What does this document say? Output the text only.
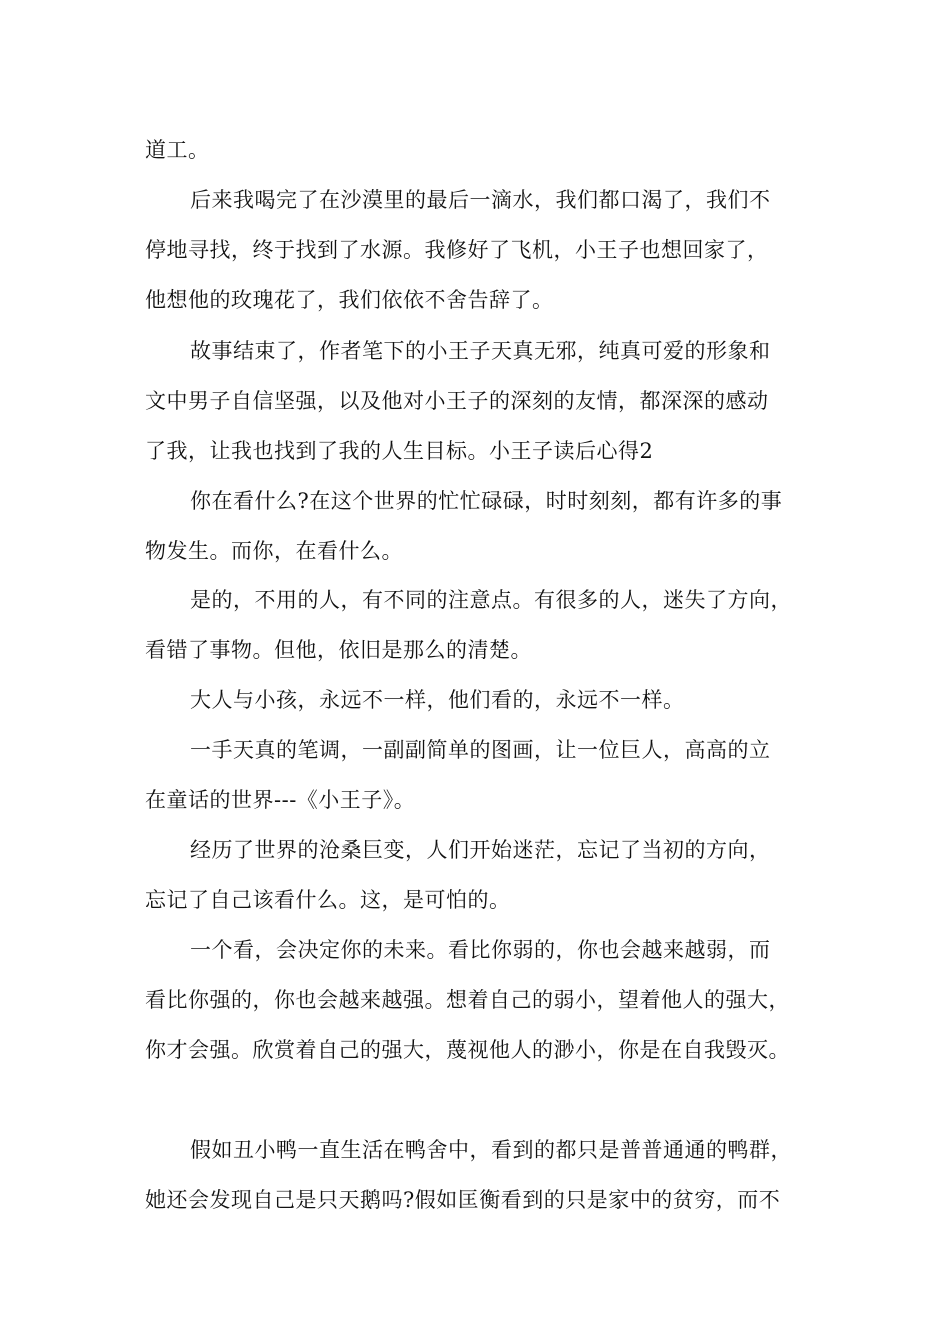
道工。
后来我喝完了在沙漠里的最后一滴水，我们都口渴了，我们不
停地寻找，终于找到了水源。我修好了飞机，小王子也想回家了，
他想他的玫瑰花了，我们依依不舍告辞了。
故事结束了，作者笔下的小王子天真无邪，纯真可爱的形象和
文中男子自信坚强，以及他对小王子的深刻的友情，都深深的感动
了我，让我也找到了我的人生目标。小王子读后心得2
你在看什么?在这个世界的忙忙碌碌，时时刻刻，都有许多的事
物发生。而你，在看什么。
是的，不用的人，有不同的注意点。有很多的人，迷失了方向，
看错了事物。但他，依旧是那么的清楚。
大人与小孩，永远不一样，他们看的，永远不一样。
一手天真的笔调，一副副简单的图画，让一位巨人，高高的立
在童话的世界---《小王子》。
经历了世界的沧桑巨变，人们开始迷茫，忘记了当初的方向，
忘记了自己该看什么。这，是可怕的。
一个看，会决定你的未来。看比你弱的，你也会越来越弱，而
看比你强的，你也会越来越强。想着自己的弱小，望着他人的强大，
你才会强。欣赏着自己的强大，蔑视他人的渺小，你是在自我毁灭。
假如丑小鸭一直生活在鸭舍中，看到的都只是普普通通的鸭群，
她还会发现自己是只天鹅吗?假如匡衡看到的只是家中的贫穷，而不
